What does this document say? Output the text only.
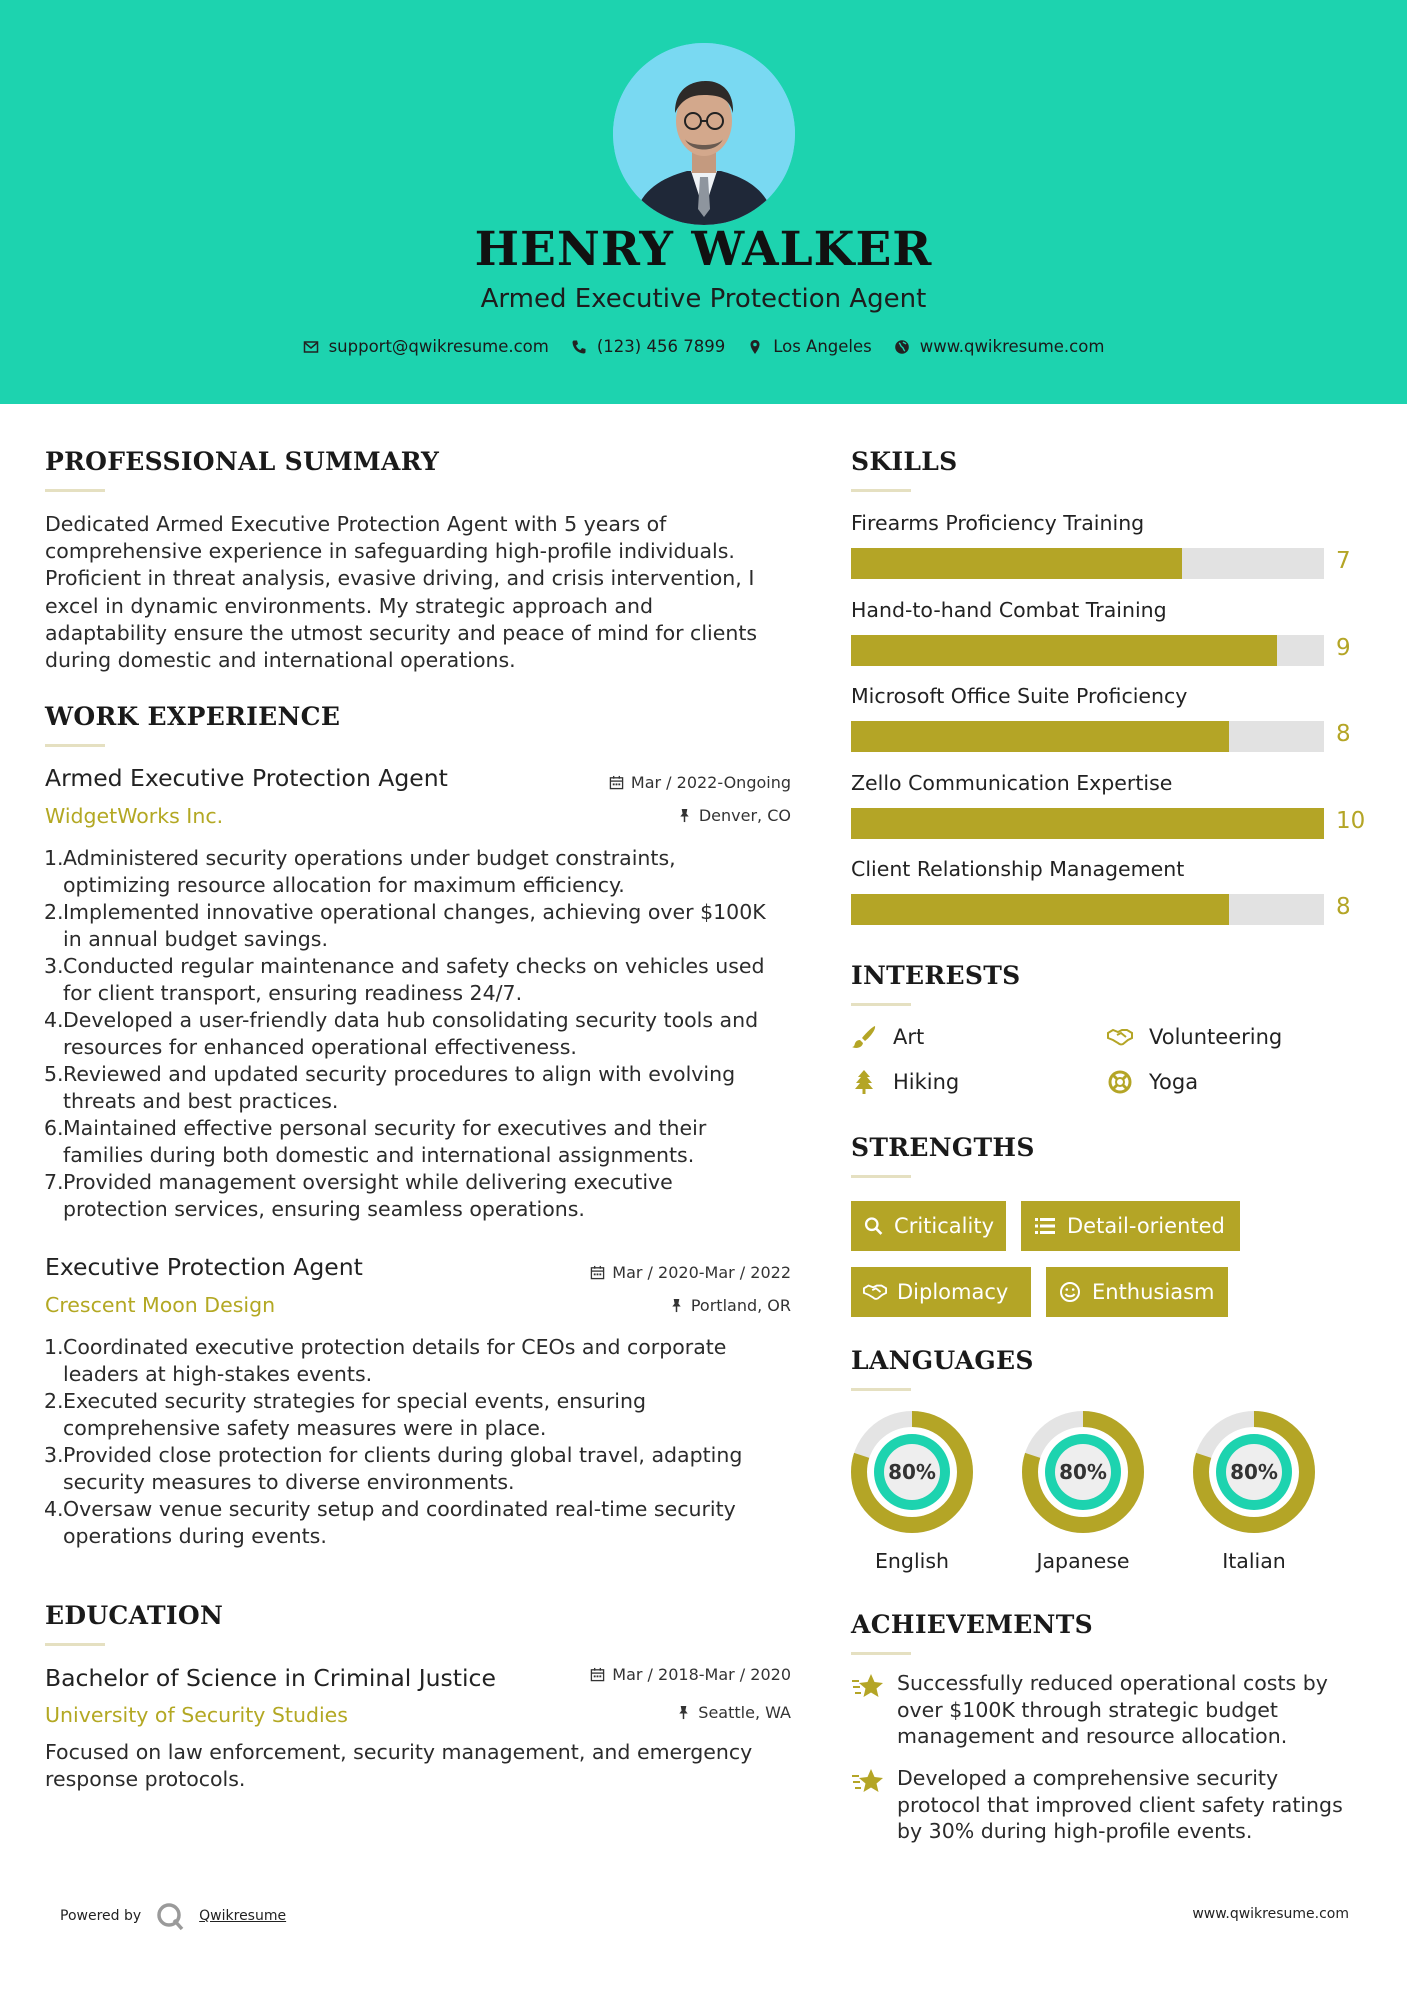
HENRY WALKER
Armed Executive Protection Agent
support@qwikresume.com	(123) 456 7899	Los Angeles	www.qwikresume.com
PROFESSIONAL SUMMARY
Dedicated Armed Executive Protection Agent with 5 years of
comprehensive experience in safeguarding high-profile individuals.
Proficient in threat analysis, evasive driving, and crisis intervention, I
excel in dynamic environments. My strategic approach and
adaptability ensure the utmost security and peace of mind for clients
during domestic and international operations.
WORK EXPERIENCE
Armed Executive Protection Agent	Mar / 2022-Ongoing
WidgetWorks Inc.	Denver, CO
1. Administered security operations under budget constraints,
optimizing resource allocation for maximum efficiency.
2. Implemented innovative operational changes, achieving over $100K
in annual budget savings.
3. Conducted regular maintenance and safety checks on vehicles used
for client transport, ensuring readiness 24/7.
4. Developed a user-friendly data hub consolidating security tools and
resources for enhanced operational effectiveness.
5. Reviewed and updated security procedures to align with evolving
threats and best practices.
6. Maintained effective personal security for executives and their
families during both domestic and international assignments.
7. Provided management oversight while delivering executive
protection services, ensuring seamless operations.
Executive Protection Agent	Mar / 2020-Mar / 2022
Crescent Moon Design	Portland, OR
1. Coordinated executive protection details for CEOs and corporate
leaders at high-stakes events.
2. Executed security strategies for special events, ensuring
comprehensive safety measures were in place.
3. Provided close protection for clients during global travel, adapting
security measures to diverse environments.
4. Oversaw venue security setup and coordinated real-time security
operations during events.
EDUCATION
Bachelor of Science in Criminal Justice	Mar / 2018-Mar / 2020
University of Security Studies	Seattle, WA
Focused on law enforcement, security management, and emergency
response protocols.
SKILLS
Firearms Proficiency Training
7
Hand-to-hand Combat Training
9
Microsoft Office Suite Proficiency
8
Zello Communication Expertise
10
Client Relationship Management
8
INTERESTS
Art	Volunteering
Hiking	Yoga
STRENGTHS
Criticality	Detail-oriented
Diplomacy	Enthusiasm
LANGUAGES
80%
English
80%
Japanese
80%
Italian
ACHIEVEMENTS
Successfully reduced operational costs by
over $100K through strategic budget
management and resource allocation.
Developed a comprehensive security
protocol that improved client safety ratings
by 30% during high-profile events.
Powered by	Qwikresume	www.qwikresume.com
